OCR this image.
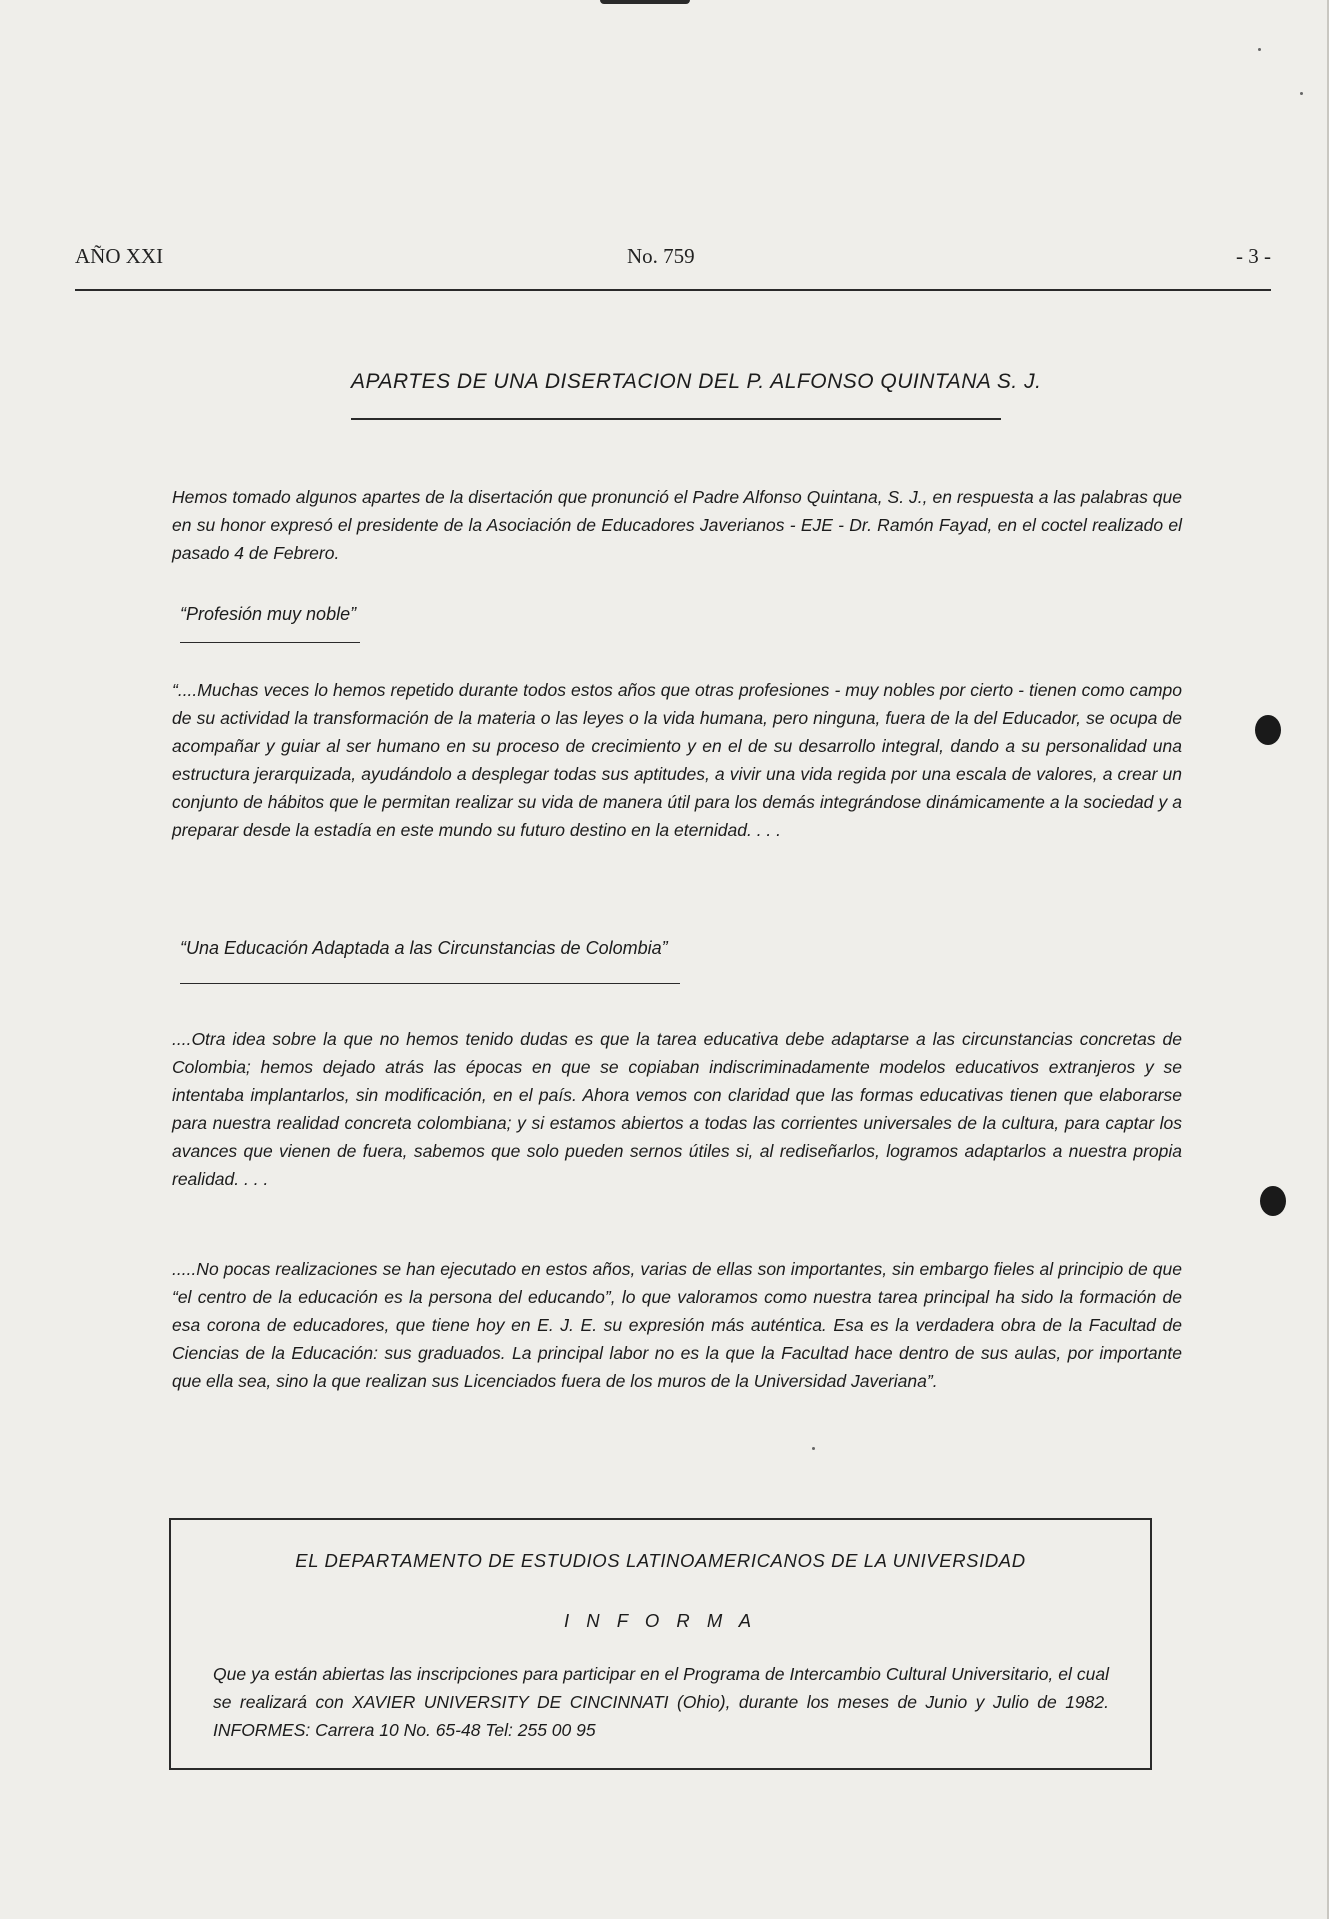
AÑO XXI	No. 759	- 3 -
APARTES DE UNA DISERTACION DEL P. ALFONSO QUINTANA S. J.
Hemos tomado algunos apartes de la disertación que pronunció el Padre Alfonso Quintana, S. J., en respuesta a las palabras que en su honor expresó el presidente de la Asociación de Educadores Javerianos - EJE - Dr. Ramón Fayad, en el coctel realizado el pasado 4 de Febrero.
“Profesión muy noble”
“....Muchas veces lo hemos repetido durante todos estos años que otras profesiones - muy nobles por cierto - tienen como campo de su actividad la transformación de la materia o las leyes o la vida humana, pero ninguna, fuera de la del Educador, se ocupa de acompañar y guiar al ser humano en su proceso de crecimiento y en el de su desarrollo integral, dando a su personalidad una estructura jerarquizada, ayudándolo a desplegar todas sus aptitudes, a vivir una vida regida por una escala de valores, a crear un conjunto de hábitos que le permitan realizar su vida de manera útil para los demás integrándose dinámicamente a la sociedad y a preparar desde la estadía en este mundo su futuro destino en la eternidad. . . .
“Una Educación Adaptada a las Circunstancias de Colombia”
....Otra idea sobre la que no hemos tenido dudas es que la tarea educativa debe adaptarse a las circunstancias concretas de Colombia; hemos dejado atrás las épocas en que se copiaban indiscriminadamente modelos educativos extranjeros y se intentaba implantarlos, sin modificación, en el país. Ahora vemos con claridad que las formas educativas tienen que elaborarse para nuestra realidad concreta colombiana; y si estamos abiertos a todas las corrientes universales de la cultura, para captar los avances que vienen de fuera, sabemos que solo pueden sernos útiles si, al rediseñarlos, logramos adaptarlos a nuestra propia realidad. . . .
.....No pocas realizaciones se han ejecutado en estos años, varias de ellas son importantes, sin embargo fieles al principio de que “el centro de la educación es la persona del educando”, lo que valoramos como nuestra tarea principal ha sido la formación de esa corona de educadores, que tiene hoy en E. J. E. su expresión más auténtica. Esa es la verdadera obra de la Facultad de Ciencias de la Educación: sus graduados. La principal labor no es la que la Facultad hace dentro de sus aulas, por importante que ella sea, sino la que realizan sus Licenciados fuera de los muros de la Universidad Javeriana”.
EL DEPARTAMENTO DE ESTUDIOS LATINOAMERICANOS DE LA UNIVERSIDAD
I N F O R M A
Que ya están abiertas las inscripciones para participar en el Programa de Intercambio Cultural Universitario, el cual se realizará con XAVIER UNIVERSITY DE CINCINNATI (Ohio), durante los meses de Junio y Julio de 1982. INFORMES: Carrera 10 No. 65-48 Tel: 255 00 95
